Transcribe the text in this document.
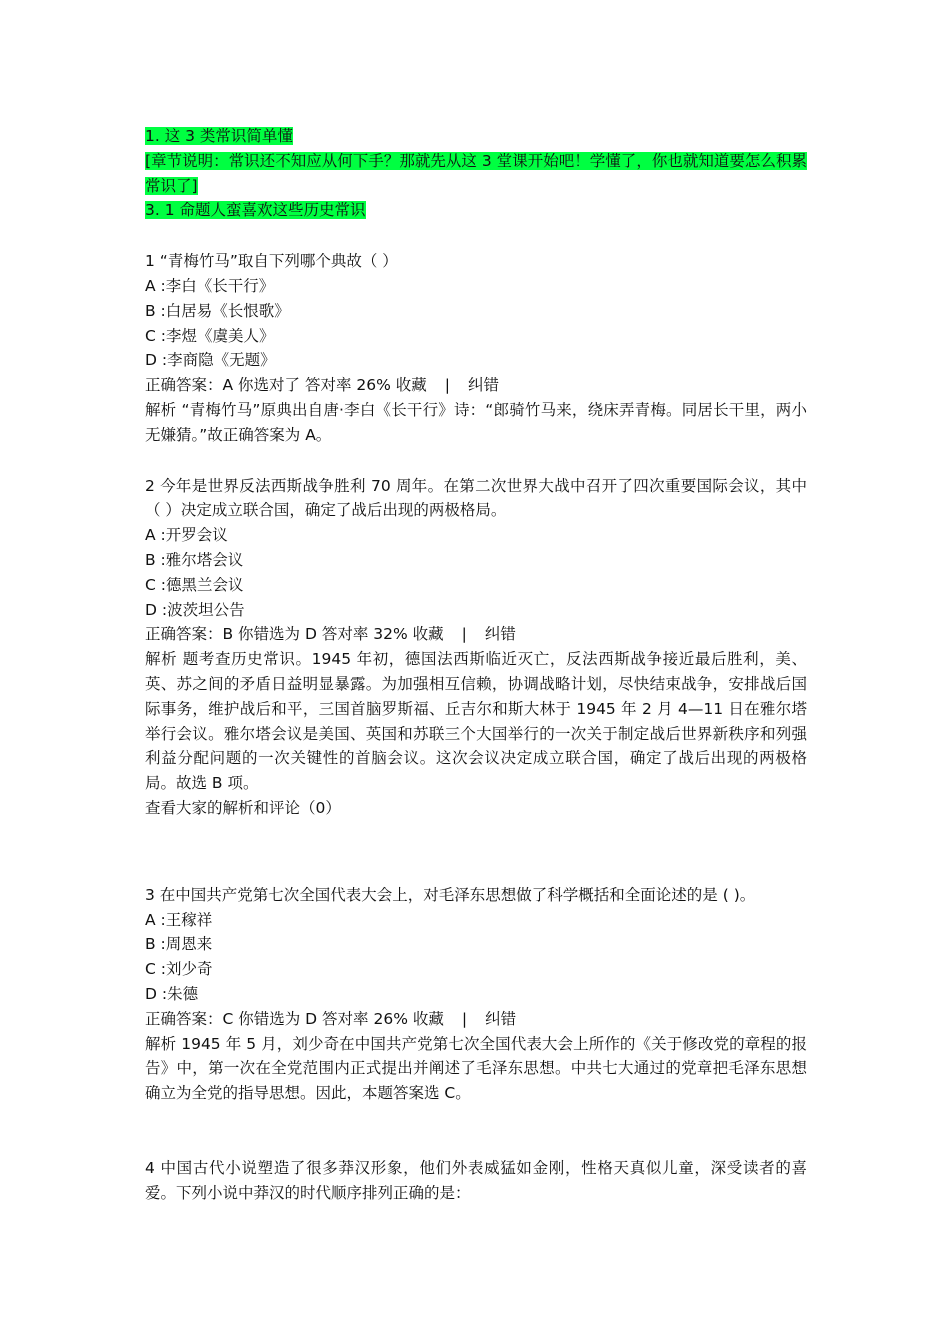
1. 这 3 类常识简单懂

[章节说明：常识还不知应从何下手？那就先从这 3 堂课开始吧！学懂了，你也就知道要怎么积累常识了]

3. 1 命题人蛮喜欢这些历史常识

1 “青梅竹马”取自下列哪个典故（ ）

A :李白《长干行》

B :白居易《长恨歌》

C :李煜《虞美人》

D :李商隐《无题》

正确答案：A 你选对了 答对率 26% 收藏 | 纠错

解析 “青梅竹马”原典出自唐·李白《长干行》诗：“郎骑竹马来，绕床弄青梅。同居长干里，两小无嫌猜。”故正确答案为 A。

2 今年是世界反法西斯战争胜利 70 周年。在第二次世界大战中召开了四次重要国际会议，其中（ ）决定成立联合国，确定了战后出现的两极格局。

A :开罗会议

B :雅尔塔会议

C :德黑兰会议

D :波茨坦公告

正确答案：B 你错选为 D 答对率 32% 收藏 | 纠错

解析 题考查历史常识。1945 年初，德国法西斯临近灭亡，反法西斯战争接近最后胜利，美、英、苏之间的矛盾日益明显暴露。为加强相互信赖，协调战略计划，尽快结束战争，安排战后国际事务，维护战后和平，三国首脑罗斯福、丘吉尔和斯大林于 1945 年 2 月 4—11 日在雅尔塔举行会议。雅尔塔会议是美国、英国和苏联三个大国举行的一次关于制定战后世界新秩序和列强利益分配问题的一次关键性的首脑会议。这次会议决定成立联合国，确定了战后出现的两极格局。故选 B 项。

查看大家的解析和评论（0）

3 在中国共产党第七次全国代表大会上，对毛泽东思想做了科学概括和全面论述的是 ( )。

A :王稼祥

B :周恩来

C :刘少奇

D :朱德

正确答案：C 你错选为 D 答对率 26% 收藏 | 纠错

解析 1945 年 5 月，刘少奇在中国共产党第七次全国代表大会上所作的《关于修改党的章程的报告》中，第一次在全党范围内正式提出并阐述了毛泽东思想。中共七大通过的党章把毛泽东思想确立为全党的指导思想。因此，本题答案选 C。

4 中国古代小说塑造了很多莽汉形象，他们外表威猛如金刚，性格天真似儿童，深受读者的喜爱。下列小说中莽汉的时代顺序排列正确的是：
